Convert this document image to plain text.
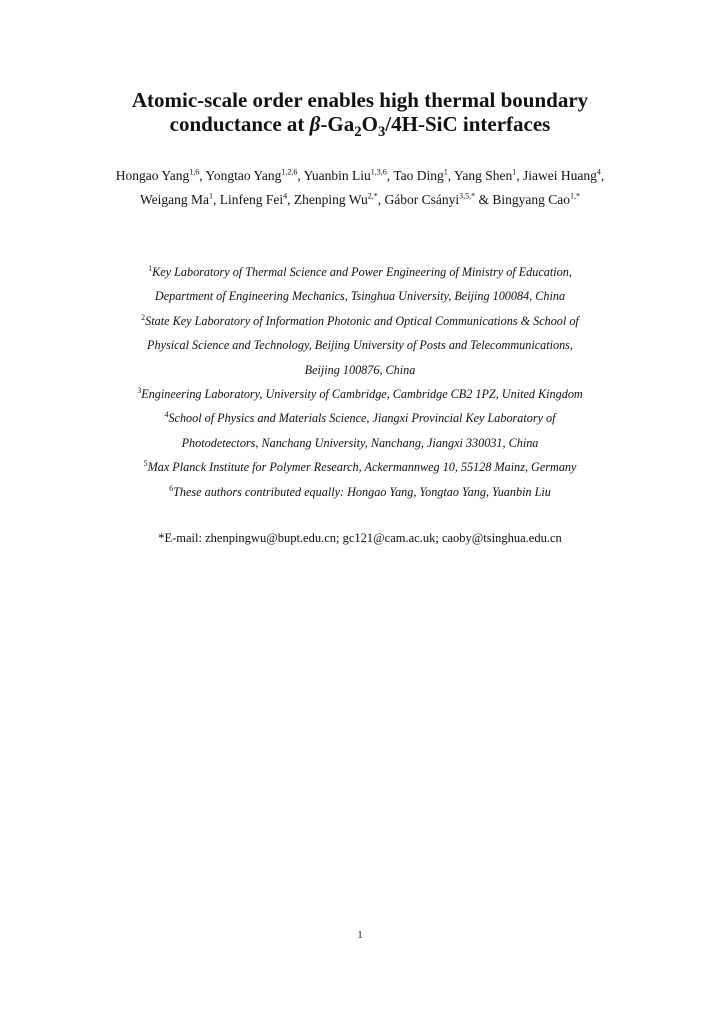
Atomic-scale order enables high thermal boundary
conductance at $\beta-Ga_2O_3/4H$-SiC interfaces
Hongao Yang$^{1,6}$, Yongtao Yang$^{1,2,6}$, Yuanbin Liu$^{1,3,6}$, Tao Ding$^1$, Yang Shen$^1$, Jiawei Huang$^4$, Weigang Ma$^1$, Linfeng Fei$^4$, Zhenping $Wu^{2,*}$, Gábor Csányi$^{3,5,*}$ & Bingyang Cao$^{1,*}$
$^1$Key Laboratory of Thermal Science and Power Engineering of Ministry of Education,
Department of Engineering Mechanics, Tsinghua University, Beijing 100084, China
$^2$State Key Laboratory of Information Photonic and Optical Communications & School of
Physical Science and Technology, Beijing University of Posts and Telecommunications,
Beijing 100876, China
$^3$Engineering Laboratory, University of Cambridge, Cambridge CB2 1PZ, United Kingdom
$^4$School of Physics and Materials Science, Jiangxi Provincial Key Laboratory of
Photodetectors, Nanchang University, Nanchang, Jiangxi 330031, China
$^5$Max Planck Institute for Polymer Research, Ackermannweg 10, 55128 Mainz, Germany
$^6$These authors contributed equally: Hongao Yang, Yongtao Yang, Yuanbin Liu
*E-mail: zhenpingwu@bupt.edu.cn; gc121@cam.ac.uk; caoby@tsinghua.edu.cn
1
